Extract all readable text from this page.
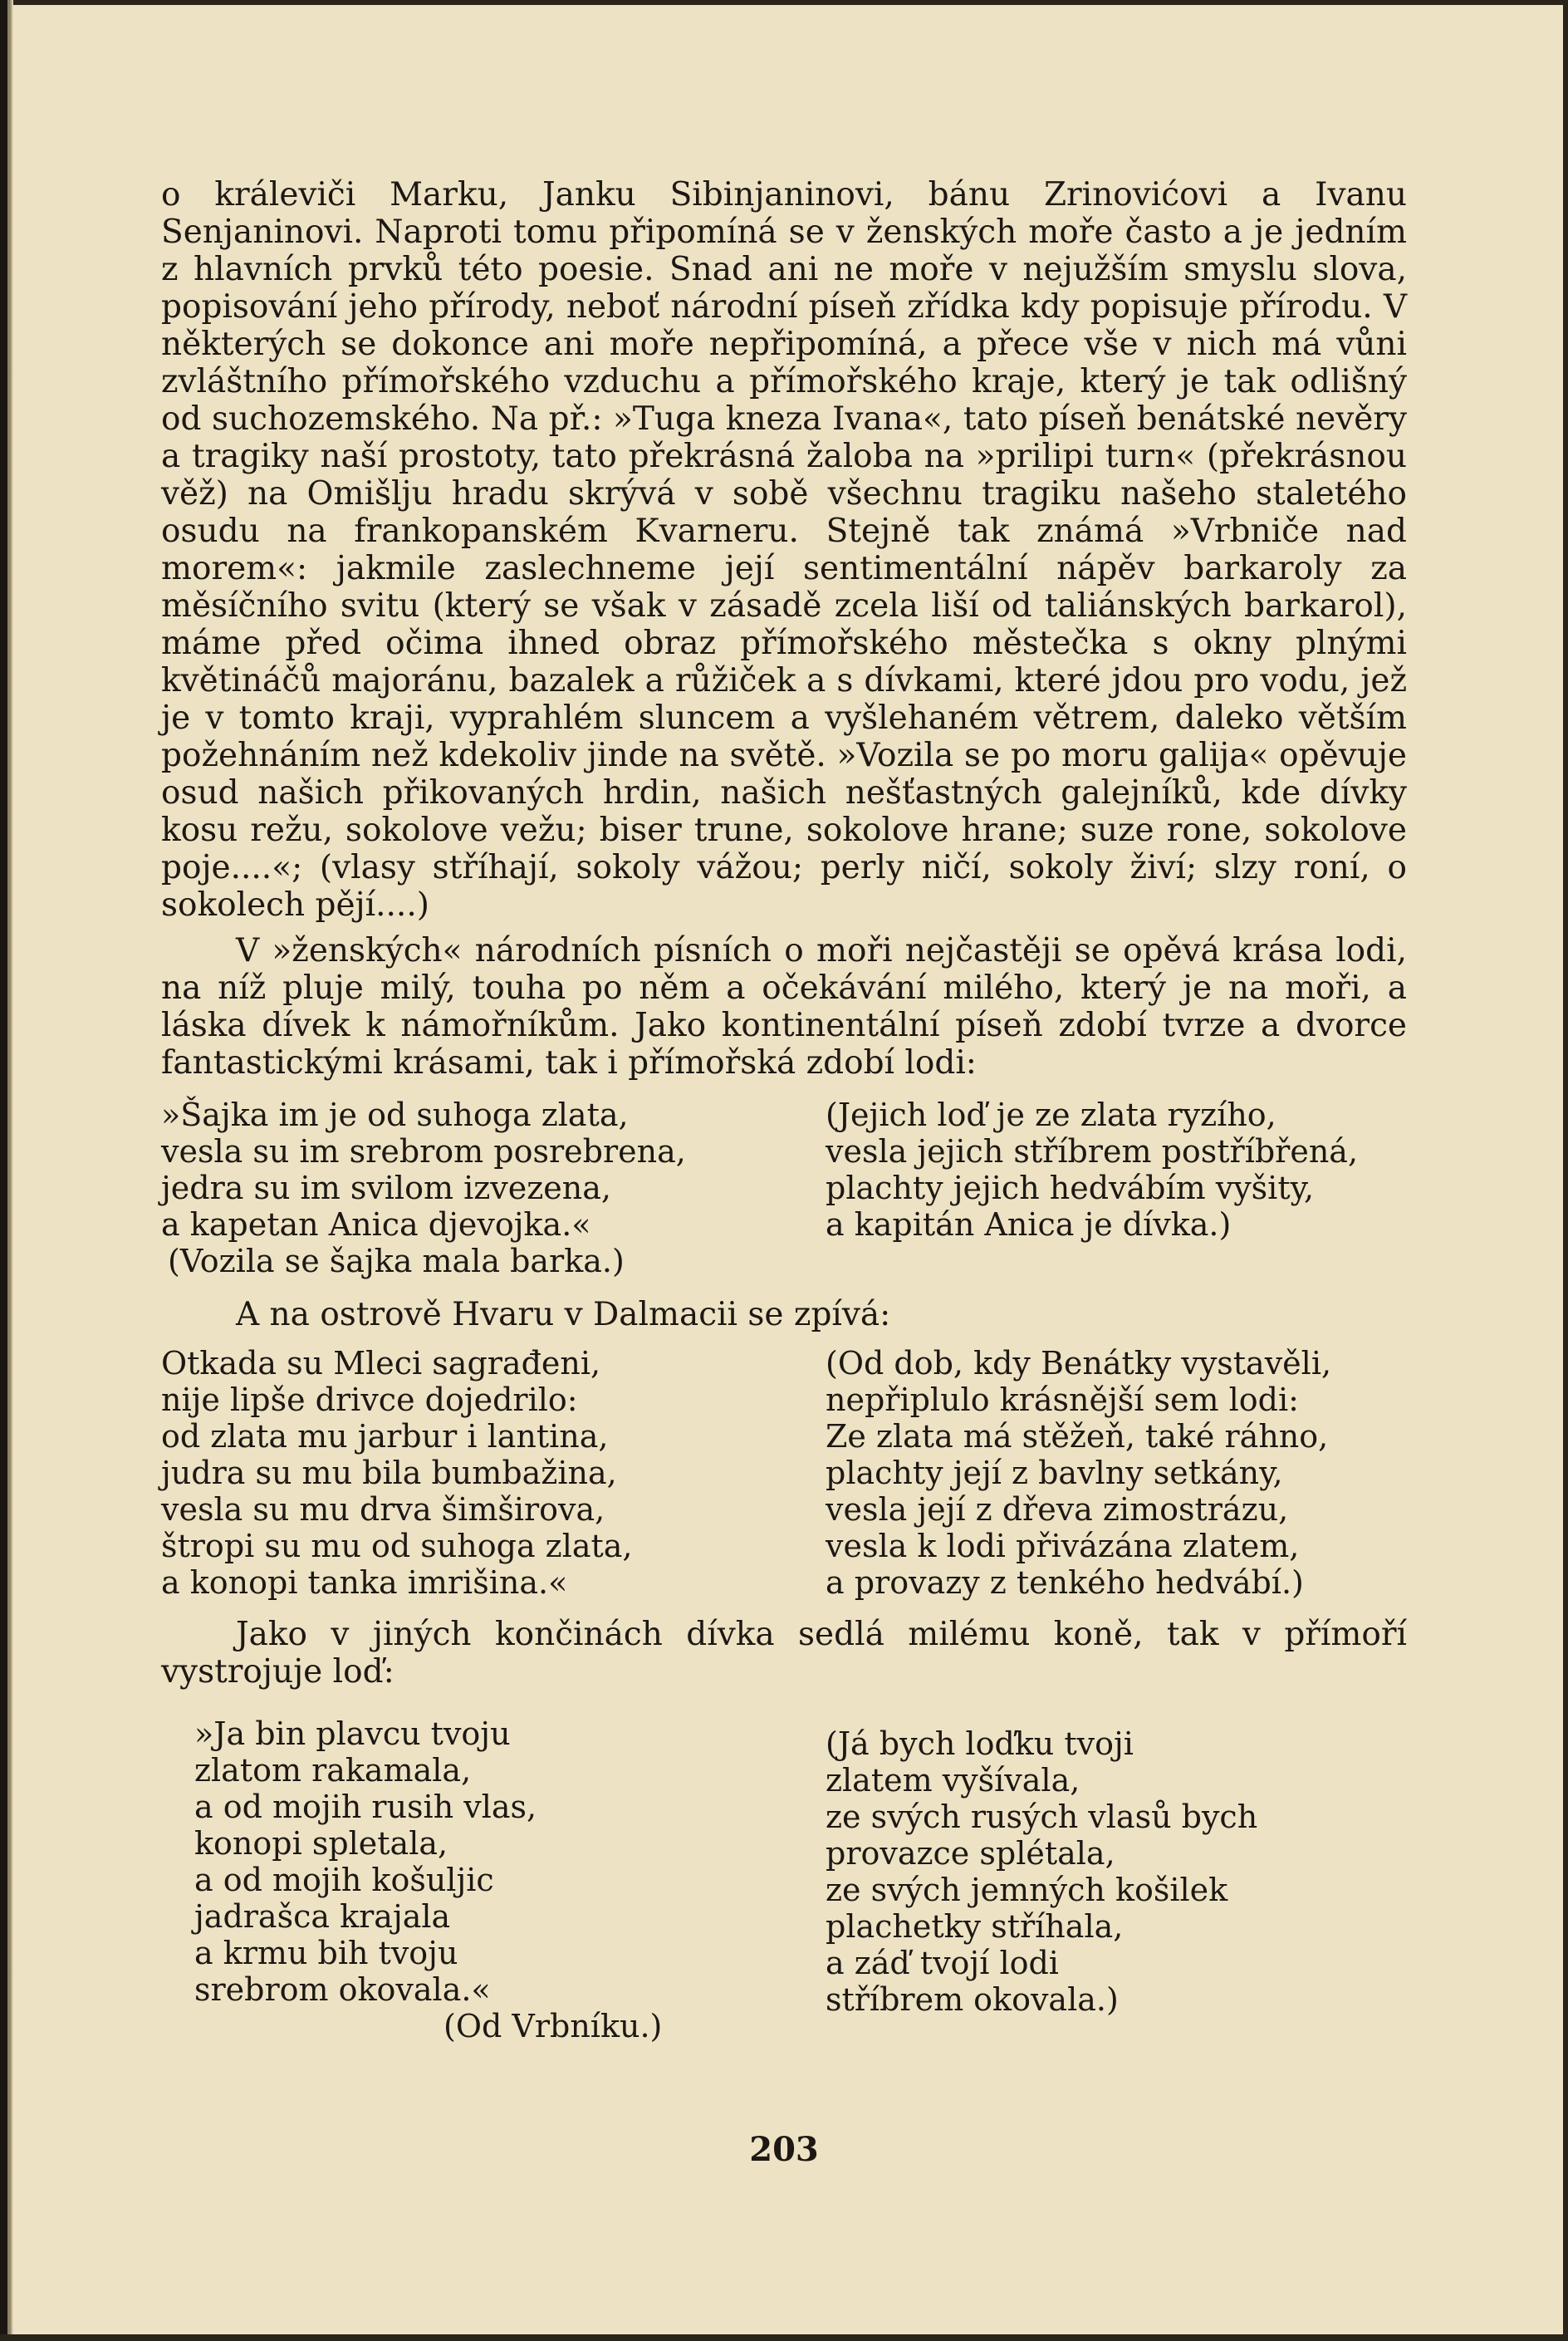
o králeviči Marku, Janku Sibinjaninovi, bánu Zrinovićovi a Ivanu Senjaninovi. Naproti tomu připomíná se v ženských moře často a je jedním z hlavních prvků této poesie. Snad ani ne moře v nejužším smyslu slova, popisování jeho přírody, neboť národní píseň zřídka kdy popisuje přírodu. V některých se dokonce ani moře nepřipomíná, a přece vše v nich má vůni zvláštního přímořského vzduchu a přímořského kraje, který je tak odlišný od suchozemského. Na př.: »Tuga kneza Ivana«, tato píseň benátské nevěry a tragiky naší prostoty, tato překrásná žaloba na »prilipi turn« (překrásnou věž) na Omišlju hradu skrývá v sobě všechnu tragiku našeho staletého osudu na frankopanském Kvarneru. Stejně tak známá »Vrbniče nad morem«: jakmile zaslechneme její sentimentální nápěv barkaroly za měsíčního svitu (který se však v zásadě zcela liší od taliánských barkarol), máme před očima ihned obraz přímořského městečka s okny plnými květináčů majoránu, bazalek a růžiček a s dívkami, které jdou pro vodu, jež je v tomto kraji, vyprahlém sluncem a vyšlehaném větrem, daleko větším požehnáním než kdekoliv jinde na světě. »Vozila se po moru galija« opěvuje osud našich přikovaných hrdin, našich nešťastných galejníků, kde dívky kosu režu, sokolove vežu; biser trune, sokolove hrane; suze rone, sokolove poje....«; (vlasy stříhají, sokoly vážou; perly ničí, sokoly živí; slzy roní, o sokolech pějí....)

V »ženských« národních písních o moři nejčastěji se opěvá krása lodi, na níž pluje milý, touha po něm a očekávání milého, který je na moři, a láska dívek k námořníkům. Jako kontinentální píseň zdobí tvrze a dvorce fantastickými krásami, tak i přímořská zdobí lodi:

»Šajka im je od suhoga zlata,
vesla su im srebrom posrebrena,
jedra su im svilom izvezena,
a kapetan Anica djevojka.«
(Vozila se šajka mala barka.)
(Jejich loď je ze zlata ryzího,
vesla jejich stříbrem postříbřená,
plachty jejich hedvábím vyšity,
a kapitán Anica je dívka.)
A na ostrově Hvaru v Dalmacii se zpívá:
Otkada su Mleci sagrađeni,
nije lipše drivce dojedrilo:
od zlata mu jarbur i lantina,
judra su mu bila bumbažina,
vesla su mu drva šimširova,
štropi su mu od suhoga zlata,
a konopi tanka imrišina.«
(Od dob, kdy Benátky vystavěli,
nepřiplulo krásnější sem lodi:
Ze zlata má stěžeň, také ráhno,
plachty její z bavlny setkány,
vesla její z dřeva zimostrázu,
vesla k lodi přivázána zlatem,
a provazy z tenkého hedvábí.)

Jako v jiných končinách dívka sedlá milému koně, tak v přímoří vystrojuje loď:

»Ja bin plavcu tvoju
zlatom rakamala,
a od mojih rusih vlas,
konopi spletala,
a od mojih košuljic
jadrašca krajala
a krmu bih tvoju
srebrom okovala.«
(Od Vrbníku.)
(Já bych loďku tvoji
zlatem vyšívala,
ze svých rusých vlasů bych
provazce splétala,
ze svých jemných košilek
plachetky stříhala,
a záď tvojí lodi
stříbrem okovala.)
203
